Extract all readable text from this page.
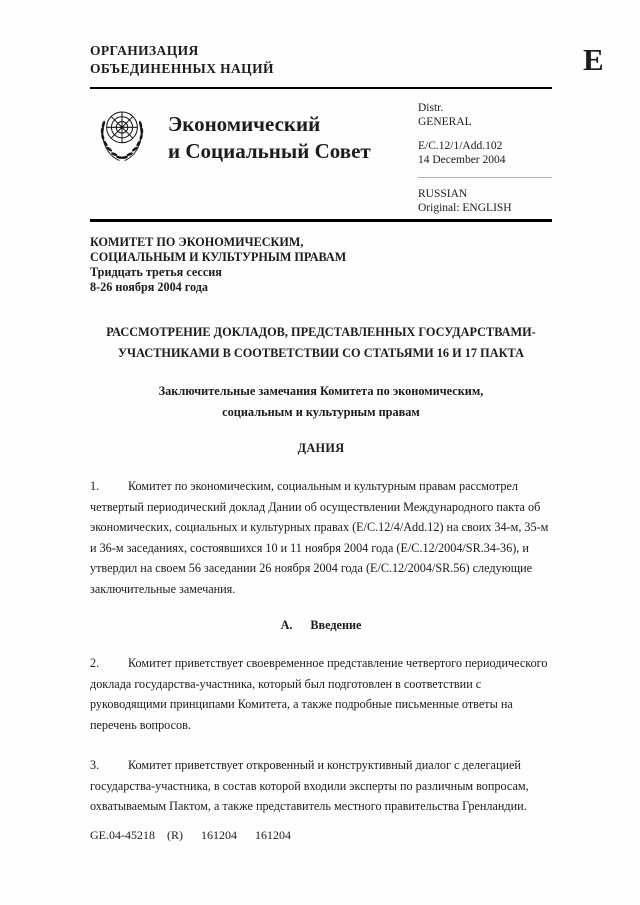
E
ОРГАНИЗАЦИЯ
ОБЪЕДИНЕННЫХ НАЦИЙ
Экономический
и Социальный Совет
Distr.
GENERAL
E/C.12/1/Add.102
14 December 2004
RUSSIAN
Original: ENGLISH
КОМИТЕТ ПО ЭКОНОМИЧЕСКИМ,
СОЦИАЛЬНЫМ И КУЛЬТУРНЫМ ПРАВАМ
Тридцать третья сессия
8-26 ноября 2004 года
РАССМОТРЕНИЕ ДОКЛАДОВ, ПРЕДСТАВЛЕННЫХ ГОСУДАРСТВАМИ-
УЧАСТНИКАМИ В СООТВЕТСТВИИ СО СТАТЬЯМИ 16 И 17 ПАКТА
Заключительные замечания Комитета по экономическим,
социальным и культурным правам
ДАНИЯ
1. Комитет по экономическим, социальным и культурным правам рассмотрел четвертый периодический доклад Дании об осуществлении Международного пакта об экономических, социальных и культурных правах (E/C.12/4/Add.12) на своих 34-м, 35-м и 36-м заседаниях, состоявшихся 10 и 11 ноября 2004 года (E/C.12/2004/SR.34-36), и утвердил на своем 56 заседании 26 ноября 2004 года (E/C.12/2004/SR.56) следующие заключительные замечания.
A. Введение
2. Комитет приветствует своевременное представление четвертого периодического доклада государства-участника, который был подготовлен в соответствии с руководящими принципами Комитета, а также подробные письменные ответы на перечень вопросов.
3. Комитет приветствует откровенный и конструктивный диалог с делегацией государства-участника, в состав которой входили эксперты по различным вопросам, охватываемым Пактом, а также представитель местного правительства Гренландии.
GE.04-45218 (R) 161204 161204
